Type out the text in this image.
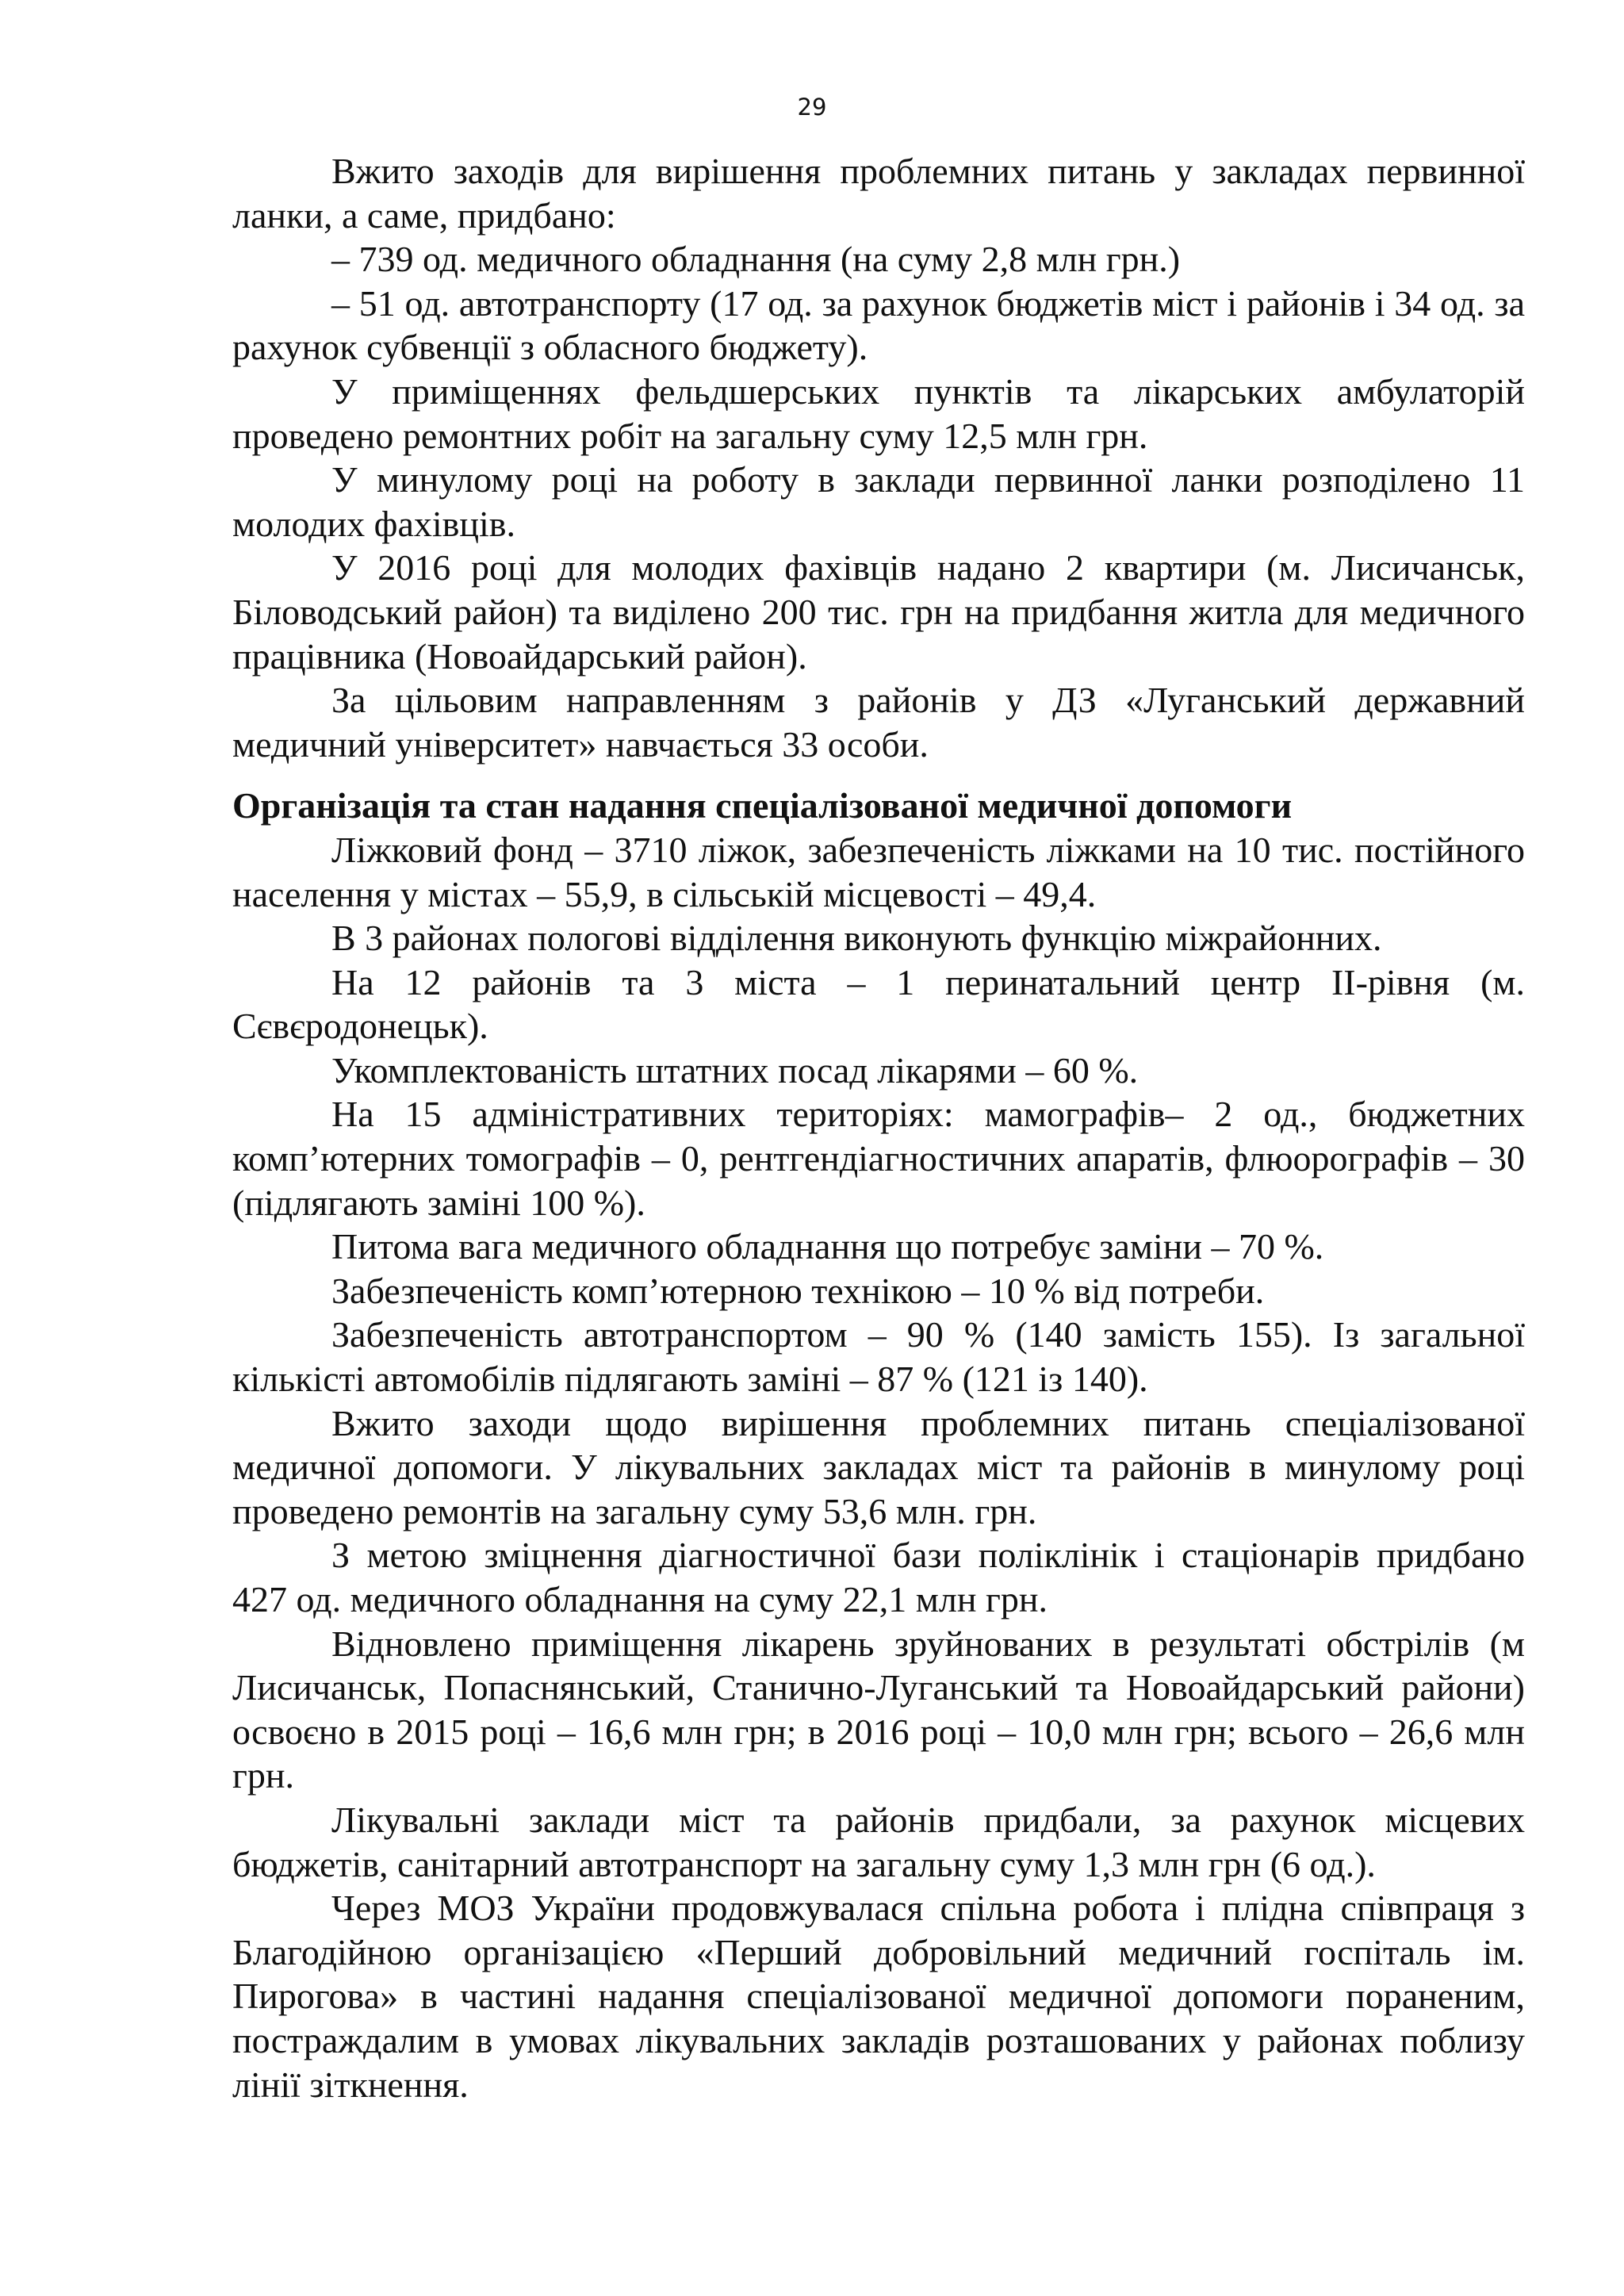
29

Вжито заходів для вирішення проблемних питань у закладах первинної ланки, а саме, придбано:

– 739 од. медичного обладнання (на суму 2,8 млн грн.)

– 51 од. автотранспорту (17 од. за рахунок бюджетів міст і районів і 34 од. за рахунок субвенції з обласного бюджету).

У приміщеннях фельдшерських пунктів та лікарських амбулаторій проведено ремонтних робіт на загальну суму 12,5 млн грн.

У минулому році на роботу в заклади первинної ланки розподілено 11 молодих фахівців.

У 2016 році для молодих фахівців надано 2 квартири (м. Лисичанськ, Біловодський район) та виділено 200 тис. грн на придбання житла для медичного працівника (Новоайдарський район).

За цільовим направленням з районів у ДЗ «Луганський державний медичний університет» навчається 33 особи.

Організація та стан надання спеціалізованої медичної допомоги

Ліжковий фонд – 3710 ліжок, забезпеченість ліжками на 10 тис. постійного населення у містах – 55,9, в сільській місцевості – 49,4.

В 3 районах пологові відділення виконують функцію міжрайонних.

На 12 районів та 3 міста – 1 перинатальний центр ІІ-рівня (м. Сєвєродонецьк).

Укомплектованість штатних посад лікарями – 60 %.

На 15 адміністративних територіях: мамографів– 2 од., бюджетних комп’ютерних томографів – 0, рентгендіагностичних апаратів, флюорографів – 30 (підлягають заміні 100 %).

Питома вага медичного обладнання що потребує заміни – 70 %.

Забезпеченість комп’ютерною технікою – 10 % від потреби.

Забезпеченість автотранспортом – 90 % (140 замість 155). Із загальної кількісті автомобілів підлягають заміні – 87 % (121 із 140).

Вжито заходи щодо вирішення проблемних питань спеціалізованої медичної допомоги. У лікувальних закладах міст та районів в минулому році проведено ремонтів на загальну суму 53,6 млн. грн.

З метою зміцнення діагностичної бази поліклінік і стаціонарів придбано 427 од. медичного обладнання на суму 22,1 млн грн.

Відновлено приміщення лікарень зруйнованих в результаті обстрілів (м Лисичанськ, Попаснянський, Станично-Луганський та Новоайдарський райони) освоєно в 2015 році – 16,6 млн грн; в 2016 році – 10,0 млн грн; всього – 26,6 млн грн.

Лікувальні заклади міст та районів придбали, за рахунок місцевих бюджетів, санітарний автотранспорт на загальну суму 1,3 млн грн (6 од.).

Через МОЗ України продовжувалася спільна робота і плідна співпраця з Благодійною організацією «Перший добровільний медичний госпіталь ім. Пирогова» в частині надання спеціалізованої медичної допомоги пораненим, постраждалим в умовах лікувальних закладів розташованих у районах поблизу лінії зіткнення.
